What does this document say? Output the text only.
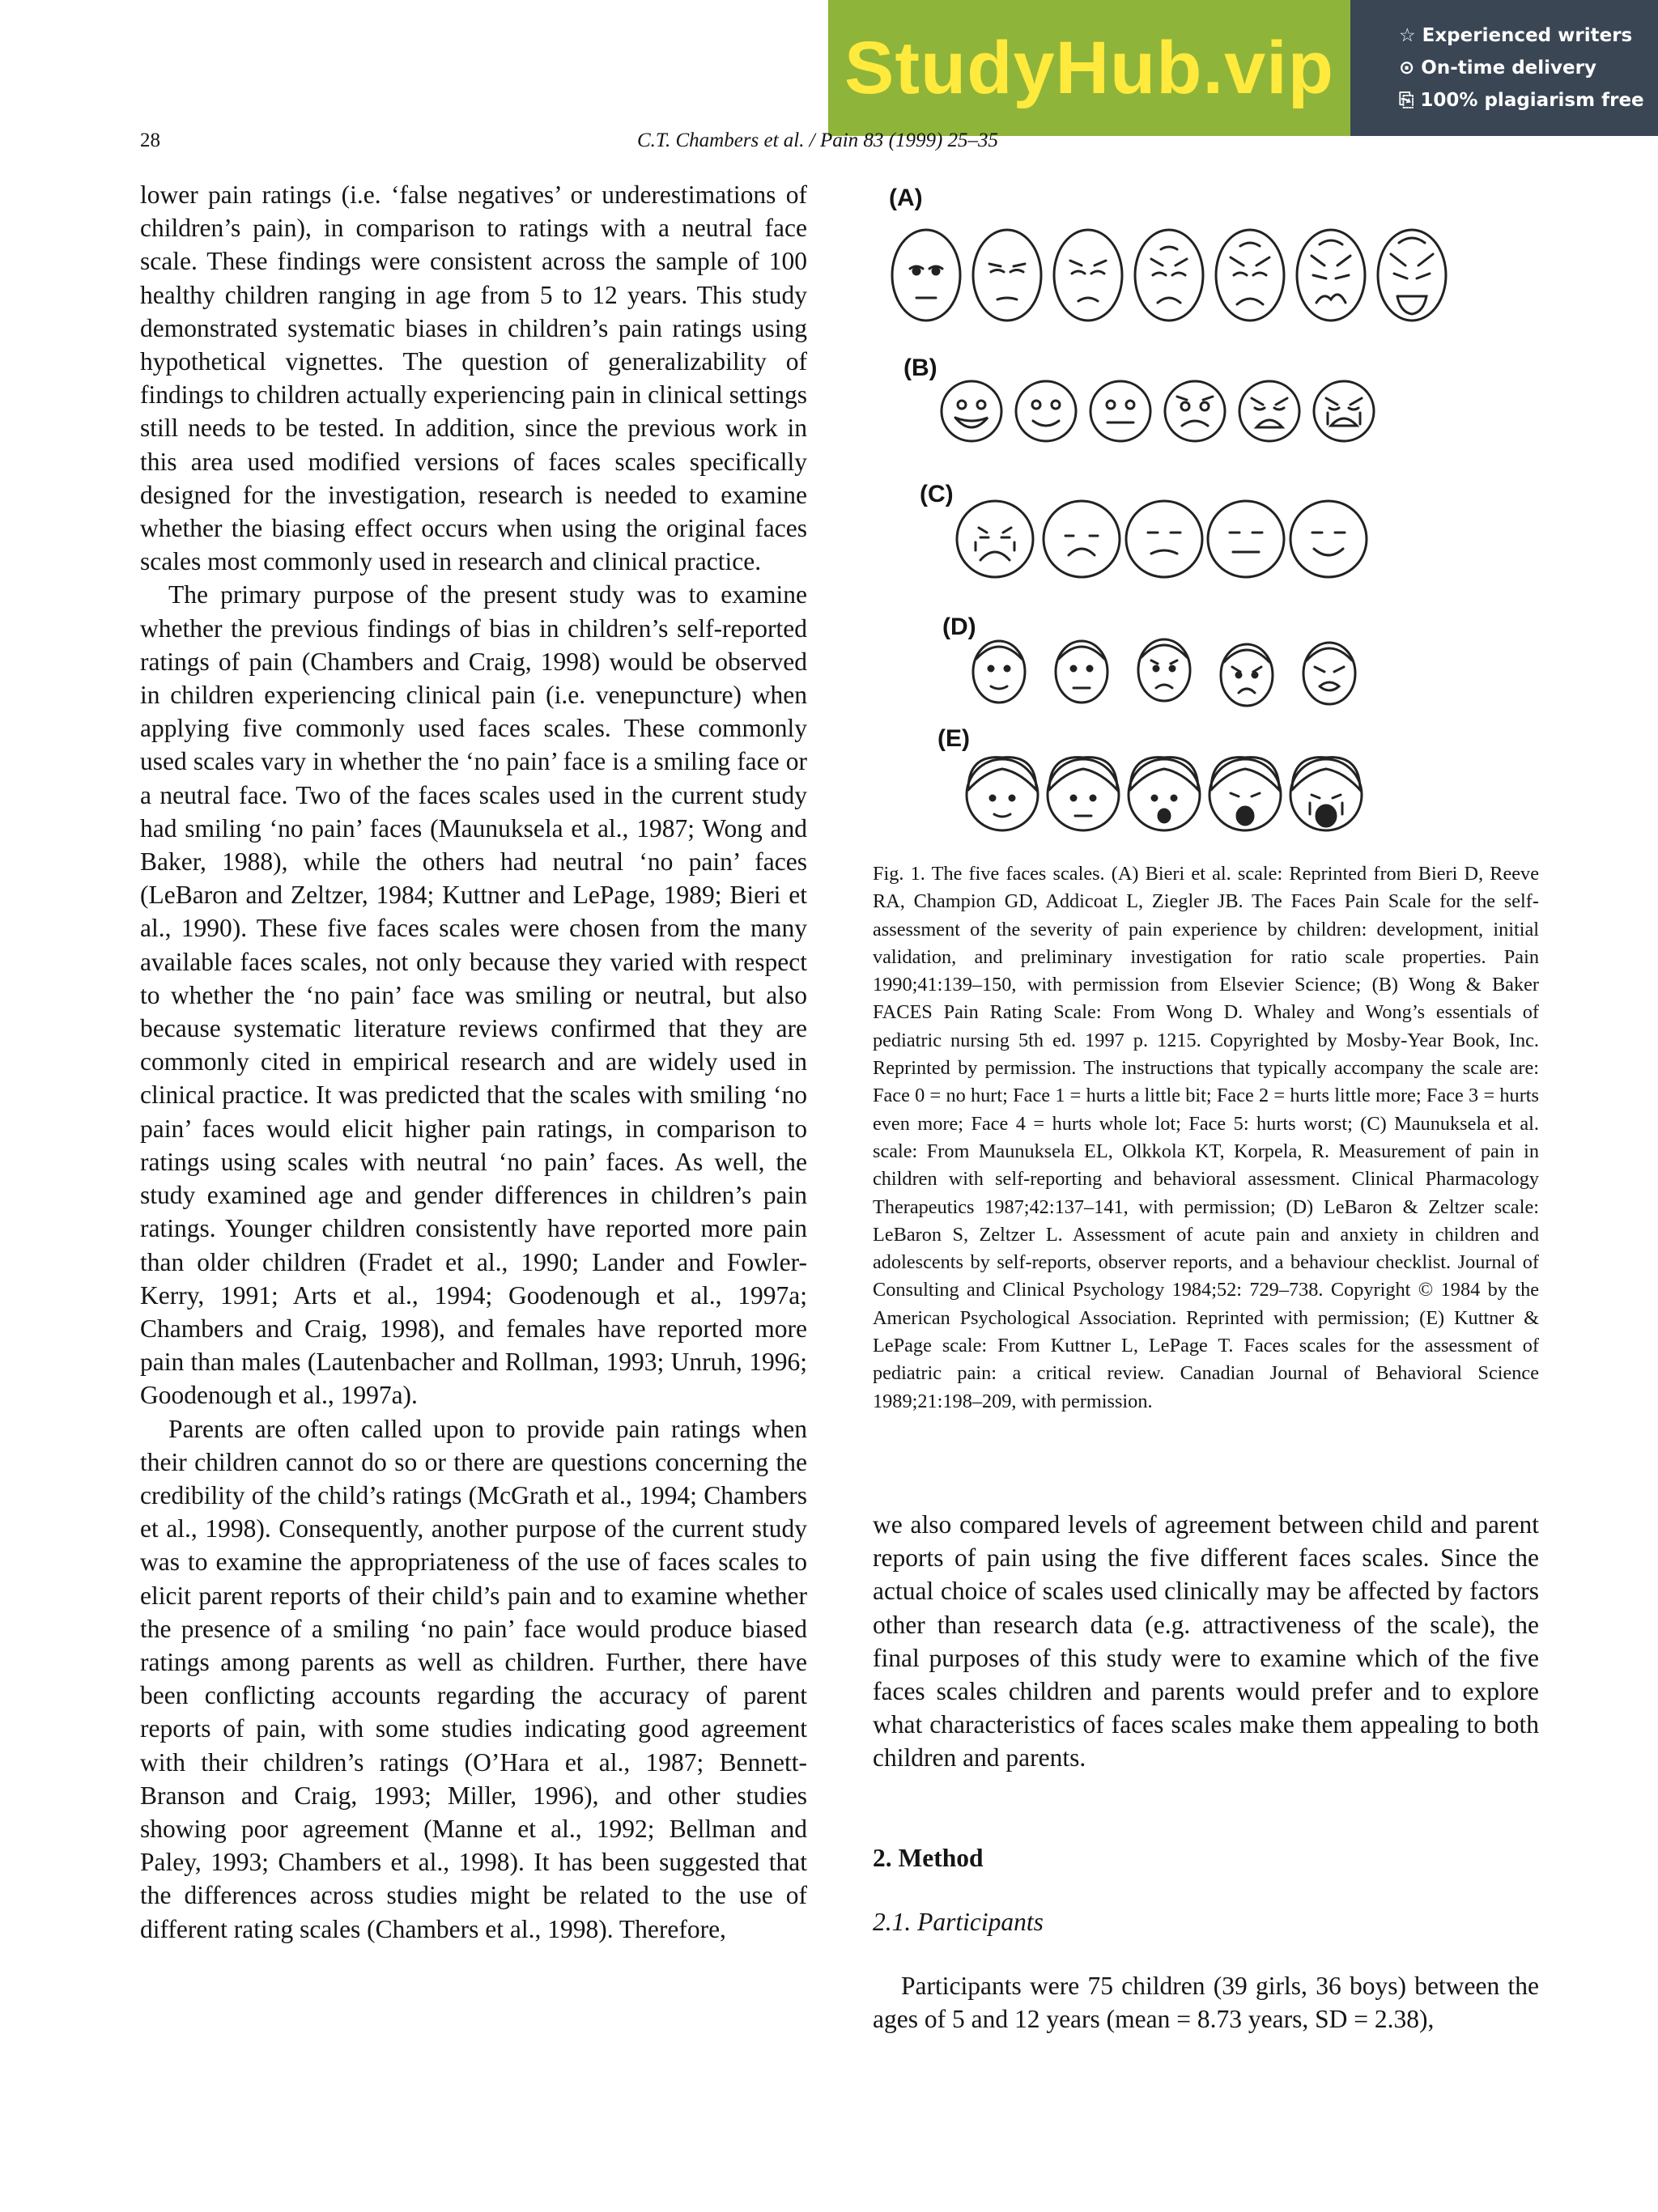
StudyHub.vip	☆ Experienced writers
⊙ On-time delivery
⎘ 100% plagiarism free
28	C.T. Chambers et al. / Pain 83 (1999) 25–35

lower pain ratings (i.e. ‘false negatives’ or underestimations of children’s pain), in comparison to ratings with a neutral face scale. These findings were consistent across the sample of 100 healthy children ranging in age from 5 to 12 years. This study demonstrated systematic biases in children’s pain ratings using hypothetical vignettes. The question of generalizability of findings to children actually experiencing pain in clinical settings still needs to be tested. In addition, since the previous work in this area used modified versions of faces scales specifically designed for the investigation, research is needed to examine whether the biasing effect occurs when using the original faces scales most commonly used in research and clinical practice.

The primary purpose of the present study was to examine whether the previous findings of bias in children’s self-reported ratings of pain (Chambers and Craig, 1998) would be observed in children experiencing clinical pain (i.e. venepuncture) when applying five commonly used faces scales. These commonly used scales vary in whether the ‘no pain’ face is a smiling face or a neutral face. Two of the faces scales used in the current study had smiling ‘no pain’ faces (Maunuksela et al., 1987; Wong and Baker, 1988), while the others had neutral ‘no pain’ faces (LeBaron and Zeltzer, 1984; Kuttner and LePage, 1989; Bieri et al., 1990). These five faces scales were chosen from the many available faces scales, not only because they varied with respect to whether the ‘no pain’ face was smiling or neutral, but also because systematic literature reviews confirmed that they are commonly cited in empirical research and are widely used in clinical practice. It was predicted that the scales with smiling ‘no pain’ faces would elicit higher pain ratings, in comparison to ratings using scales with neutral ‘no pain’ faces. As well, the study examined age and gender differences in children’s pain ratings. Younger children consistently have reported more pain than older children (Fradet et al., 1990; Lander and Fowler-Kerry, 1991; Arts et al., 1994; Goodenough et al., 1997a; Chambers and Craig, 1998), and females have reported more pain than males (Lautenbacher and Rollman, 1993; Unruh, 1996; Goodenough et al., 1997a).

Parents are often called upon to provide pain ratings when their children cannot do so or there are questions concerning the credibility of the child’s ratings (McGrath et al., 1994; Chambers et al., 1998). Consequently, another purpose of the current study was to examine the appropriateness of the use of faces scales to elicit parent reports of their child’s pain and to examine whether the presence of a smiling ‘no pain’ face would produce biased ratings among parents as well as children. Further, there have been conflicting accounts regarding the accuracy of parent reports of pain, with some studies indicating good agreement with their children’s ratings (O’Hara et al., 1987; Bennett-Branson and Craig, 1993; Miller, 1996), and other studies showing poor agreement (Manne et al., 1992; Bellman and Paley, 1993; Chambers et al., 1998). It has been suggested that the differences across studies might be related to the use of different rating scales (Chambers et al., 1998). Therefore,

(A)
(B)
(C)
(D)
(E)
Fig. 1. The five faces scales. (A) Bieri et al. scale: Reprinted from Bieri D, Reeve RA, Champion GD, Addicoat L, Ziegler JB. The Faces Pain Scale for the self-assessment of the severity of pain experience by children: development, initial validation, and preliminary investigation for ratio scale properties. Pain 1990;41:139–150, with permission from Elsevier Science; (B) Wong & Baker FACES Pain Rating Scale: From Wong D. Whaley and Wong’s essentials of pediatric nursing 5th ed. 1997 p. 1215. Copyrighted by Mosby-Year Book, Inc. Reprinted by permission. The instructions that typically accompany the scale are: Face 0 = no hurt; Face 1 = hurts a little bit; Face 2 = hurts little more; Face 3 = hurts even more; Face 4 = hurts whole lot; Face 5: hurts worst; (C) Maunuksela et al. scale: From Maunuksela EL, Olkkola KT, Korpela, R. Measurement of pain in children with self-reporting and behavioral assessment. Clinical Pharmacology Therapeutics 1987;42:137–141, with permission; (D) LeBaron & Zeltzer scale: LeBaron S, Zeltzer L. Assessment of acute pain and anxiety in children and adolescents by self-reports, observer reports, and a behaviour checklist. Journal of Consulting and Clinical Psychology 1984;52: 729–738. Copyright © 1984 by the American Psychological Association. Reprinted with permission; (E) Kuttner & LePage scale: From Kuttner L, LePage T. Faces scales for the assessment of pediatric pain: a critical review. Canadian Journal of Behavioral Science 1989;21:198–209, with permission.

we also compared levels of agreement between child and parent reports of pain using the five different faces scales. Since the actual choice of scales used clinically may be affected by factors other than research data (e.g. attractiveness of the scale), the final purposes of this study were to examine which of the five faces scales children and parents would prefer and to explore what characteristics of faces scales make them appealing to both children and parents.

2. Method

2.1. Participants

Participants were 75 children (39 girls, 36 boys) between the ages of 5 and 12 years (mean = 8.73 years, SD = 2.38),
